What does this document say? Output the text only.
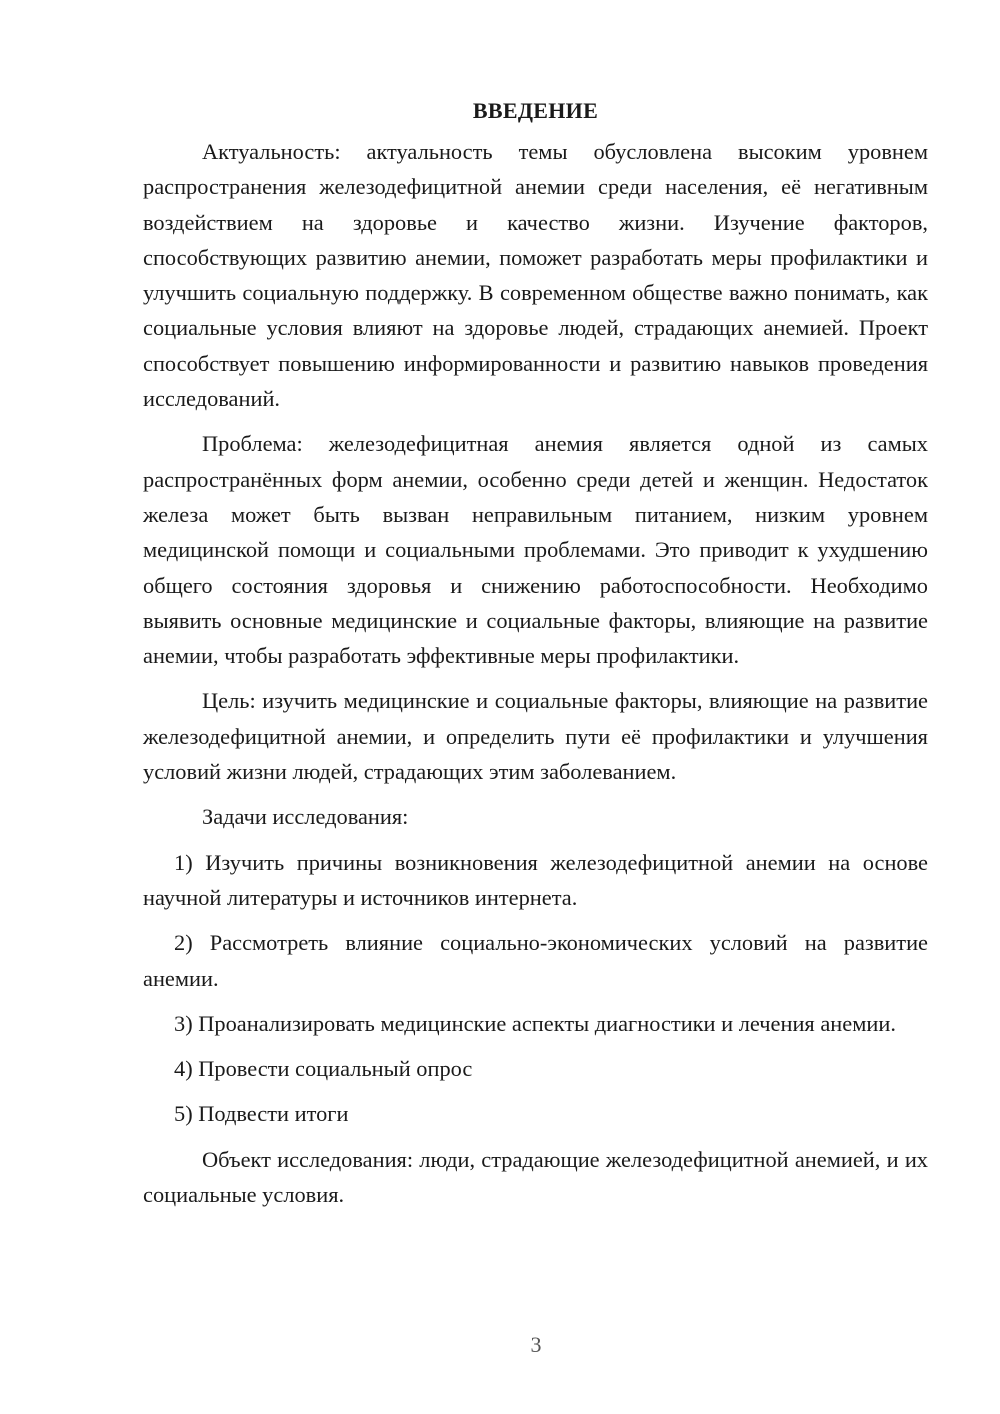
ВВЕДЕНИЕ

Актуальность: актуальность темы обусловлена высоким уровнем распространения железодефицитной анемии среди населения, её негативным воздействием на здоровье и качество жизни. Изучение факторов, способствующих развитию анемии, поможет разработать меры профилактики и улучшить социальную поддержку. В современном обществе важно понимать, как социальные условия влияют на здоровье людей, страдающих анемией. Проект способствует повышению информированности и развитию навыков проведения исследований.

Проблема: железодефицитная анемия является одной из самых распространённых форм анемии, особенно среди детей и женщин. Недостаток железа может быть вызван неправильным питанием, низким уровнем медицинской помощи и социальными проблемами. Это приводит к ухудшению общего состояния здоровья и снижению работоспособности. Необходимо выявить основные медицинские и социальные факторы, влияющие на развитие анемии, чтобы разработать эффективные меры профилактики.

Цель: изучить медицинские и социальные факторы, влияющие на развитие железодефицитной анемии, и определить пути её профилактики и улучшения условий жизни людей, страдающих этим заболеванием.

Задачи исследования:

1) Изучить причины возникновения железодефицитной анемии на основе научной литературы и источников интернета.

2) Рассмотреть влияние социально-экономических условий на развитие анемии.

3) Проанализировать медицинские аспекты диагностики и лечения анемии.

4) Провести социальный опрос

5) Подвести итоги

Объект исследования: люди, страдающие железодефицитной анемией, и их социальные условия.

3
